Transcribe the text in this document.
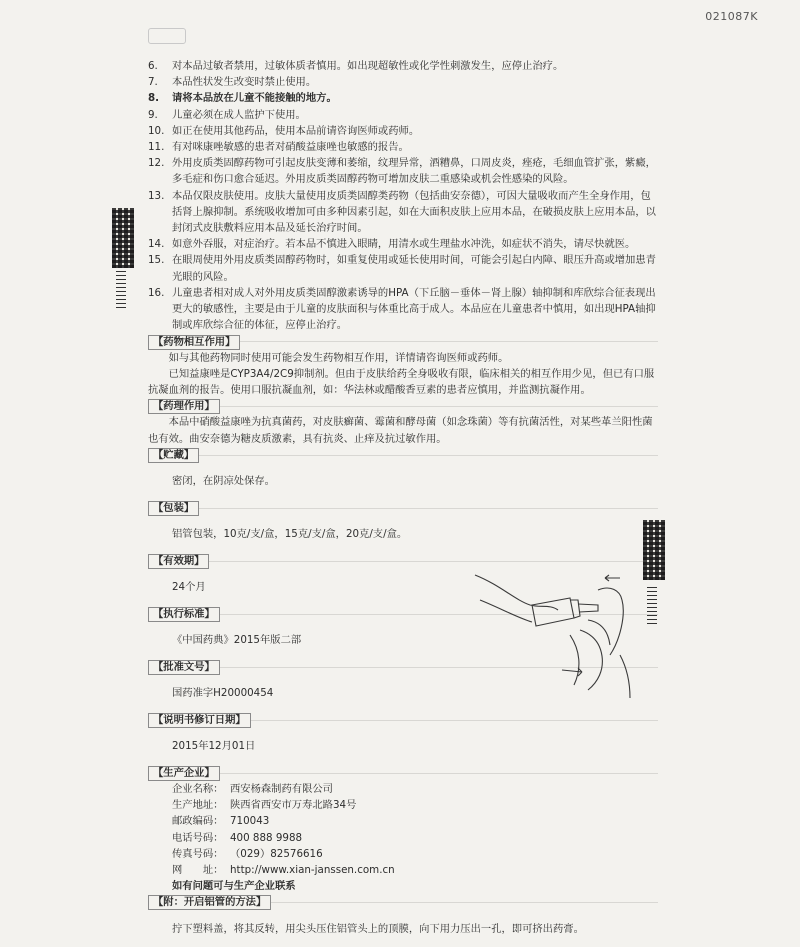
021087K

6. 对本品过敏者禁用，过敏体质者慎用。如出现超敏性或化学性刺激发生，应停止治疗。

7. 本品性状发生改变时禁止使用。

8. 请将本品放在儿童不能接触的地方。

9. 儿童必须在成人监护下使用。

10. 如正在使用其他药品，使用本品前请咨询医师或药师。

11. 有对咪康唑敏感的患者对硝酸益康唑也敏感的报告。

12. 外用皮质类固醇药物可引起皮肤变薄和萎缩，纹理异常，酒糟鼻，口周皮炎，痤疮，毛细血管扩张，紫癜，多毛症和伤口愈合延迟。外用皮质类固醇药物可增加皮肤二重感染或机会性感染的风险。

13. 本品仅限皮肤使用。皮肤大量使用皮质类固醇类药物（包括曲安奈德），可因大量吸收而产生全身作用，包括肾上腺抑制。系统吸收增加可由多种因素引起，如在大面积皮肤上应用本品，在破损皮肤上应用本品，以封闭式皮肤敷料应用本品及延长治疗时间。

14. 如意外吞服，对症治疗。若本品不慎进入眼睛，用清水或生理盐水冲洗，如症状不消失，请尽快就医。

15. 在眼周使用外用皮质类固醇药物时，如重复使用或延长使用时间，可能会引起白内障、眼压升高或增加患青光眼的风险。

16. 儿童患者相对成人对外用皮质类固醇激素诱导的HPA（下丘脑－垂体－肾上腺）轴抑制和库欣综合征表现出更大的敏感性，主要是由于儿童的皮肤面积与体重比高于成人。本品应在儿童患者中慎用，如出现HPA轴抑制或库欣综合征的体征，应停止治疗。

【药物相互作用】

如与其他药物同时使用可能会发生药物相互作用，详情请咨询医师或药师。

已知益康唑是CYP3A4/2C9抑制剂。但由于皮肤给药全身吸收有限，临床相关的相互作用少见，但已有口服抗凝血剂的报告。使用口服抗凝血剂，如：华法林或醋酸香豆素的患者应慎用，并监测抗凝作用。

【药理作用】

本品中硝酸益康唑为抗真菌药，对皮肤癣菌、霉菌和酵母菌（如念珠菌）等有抗菌活性，对某些革兰阳性菌也有效。曲安奈德为糖皮质激素，具有抗炎、止痒及抗过敏作用。

【贮藏】

密闭，在阴凉处保存。

【包装】

铝管包装，10克/支/盒，15克/支/盒，20克/支/盒。

【有效期】

24个月

【执行标准】

《中国药典》2015年版二部

【批准文号】

国药准字H20000454

【说明书修订日期】

2015年12月01日

【生产企业】
企业名称： 西安杨森制药有限公司
生产地址： 陕西省西安市万寿北路34号
邮政编码： 710043
电话号码： 400 888 9988
传真号码： （029）82576616
网　　址： http://www.xian-janssen.com.cn
如有问题可与生产企业联系
【附：开启铝管的方法】

拧下塑料盖，将其反转，用尖头压住铝管头上的顶膜，向下用力压出一孔，即可挤出药膏。
